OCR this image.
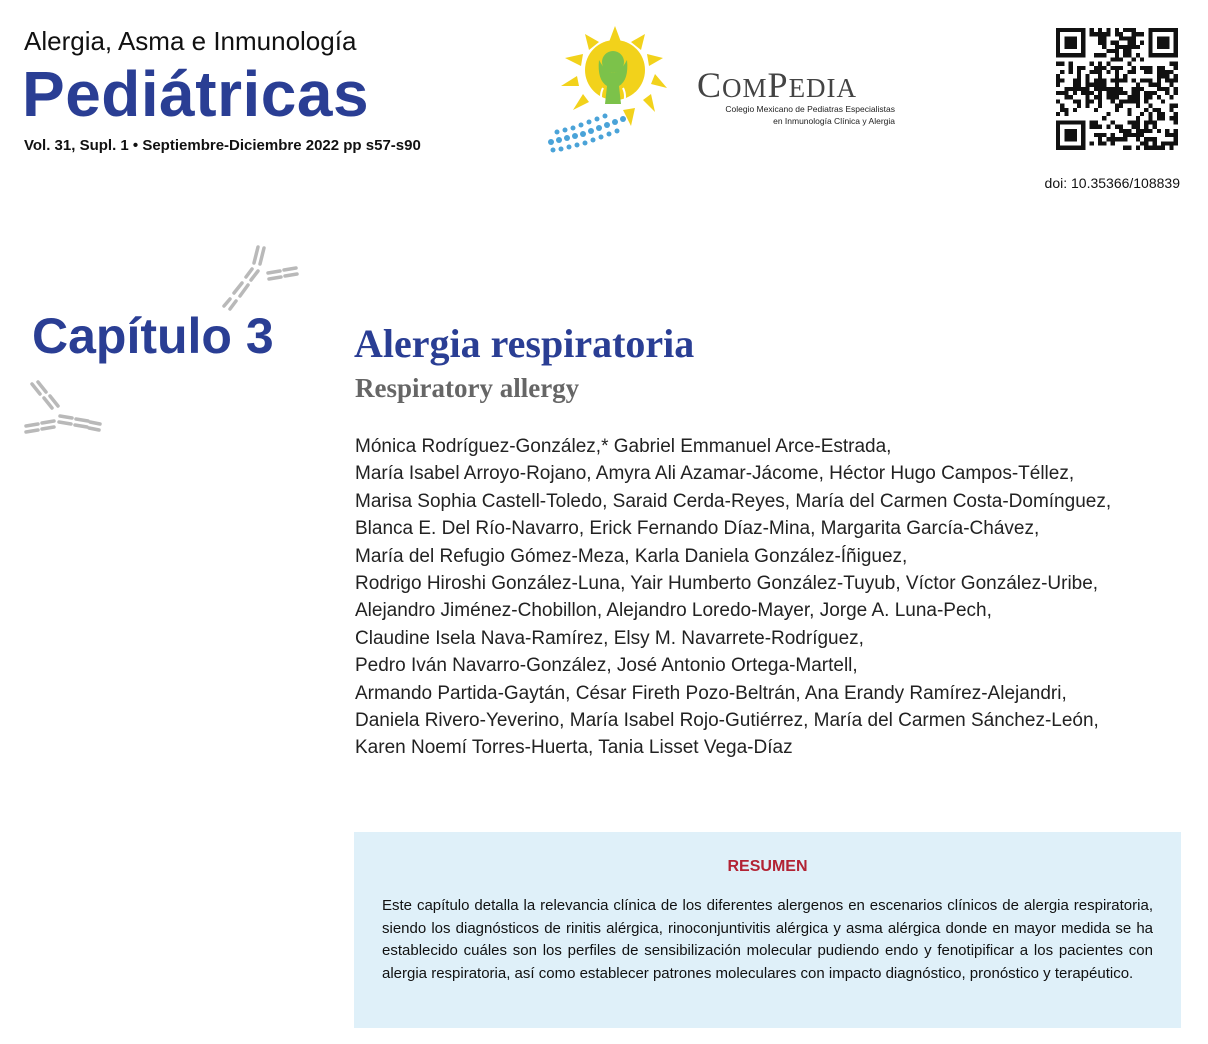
Alergia, Asma e Inmunología
Pediátricas
Vol. 31, Supl. 1 • Septiembre-Diciembre 2022 pp s57-s90
COMPEDIA
Colegio Mexicano de Pediatras Especialistas
en Inmunología Clínica y Alergia
doi: 10.35366/108839
Capítulo 3 Alergia respiratoria
Respiratory allergy
Mónica Rodríguez-González,* Gabriel Emmanuel Arce-Estrada,
María Isabel Arroyo-Rojano, Amyra Ali Azamar-Jácome, Héctor Hugo Campos-Téllez,
Marisa Sophia Castell-Toledo, Saraid Cerda-Reyes, María del Carmen Costa-Domínguez,
Blanca E. Del Río-Navarro, Erick Fernando Díaz-Mina, Margarita García-Chávez,
María del Refugio Gómez-Meza, Karla Daniela González-Íñiguez,
Rodrigo Hiroshi González-Luna, Yair Humberto González-Tuyub, Víctor González-Uribe,
Alejandro Jiménez-Chobillon, Alejandro Loredo-Mayer, Jorge A. Luna-Pech,
Claudine Isela Nava-Ramírez, Elsy M. Navarrete-Rodríguez,
Pedro Iván Navarro-González, José Antonio Ortega-Martell,
Armando Partida-Gaytán, César Fireth Pozo-Beltrán, Ana Erandy Ramírez-Alejandri,
Daniela Rivero-Yeverino, María Isabel Rojo-Gutiérrez, María del Carmen Sánchez-León,
Karen Noemí Torres-Huerta, Tania Lisset Vega-Díaz
RESUMEN
Este capítulo detalla la relevancia clínica de los diferentes alergenos en escenarios clínicos de alergia respiratoria, siendo los diagnósticos de rinitis alérgica, rinoconjuntivitis alérgica y asma alérgica donde en mayor medida se ha establecido cuáles son los perfiles de sensibilización molecular pudiendo endo y fenotipificar a los pacientes con alergia respiratoria, así como establecer patrones moleculares con impacto diagnóstico, pronóstico y terapéutico.
